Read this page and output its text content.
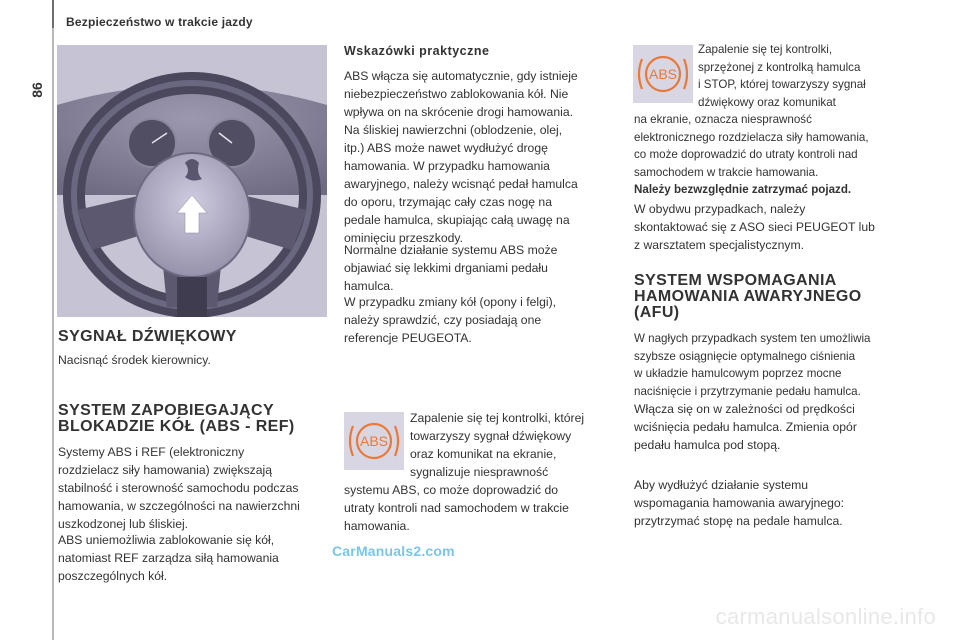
86
Bezpieczeństwo w trakcie jazdy
SYGNAŁ DŹWIĘKOWY
Nacisnąć środek kierownicy.
SYSTEM ZAPOBIEGAJĄCY
BLOKADZIE KÓŁ (ABS - REF)
Systemy ABS i REF (elektroniczny
rozdzielacz siły hamowania) zwiększają
stabilność i sterowność samochodu podczas
hamowania, w szczególności na nawierzchni
uszkodzonej lub śliskiej.
ABS uniemożliwia zablokowanie się kół,
natomiast REF zarządza siłą hamowania
poszczególnych kół.
Wskazówki praktyczne
ABS włącza się automatycznie, gdy istnieje
niebezpieczeństwo zablokowania kół. Nie
wpływa on na skrócenie drogi hamowania.
Na śliskiej nawierzchni (oblodzenie, olej,
itp.) ABS może nawet wydłużyć drogę
hamowania. W przypadku hamowania
awaryjnego, należy wcisnąć pedał hamulca
do oporu, trzymając cały czas nogę na
pedale hamulca, skupiając całą uwagę na
ominięciu przeszkody.
Normalne działanie systemu ABS może
objawiać się lekkimi drganiami pedału
hamulca.
W przypadku zmiany kół (opony i felgi),
należy sprawdzić, czy posiadają one
referencje PEUGEOTA.
ABS
Zapalenie się tej kontrolki, której
towarzyszy sygnał dźwiękowy
oraz komunikat na ekranie,
sygnalizuje niesprawność
systemu ABS, co może doprowadzić do
utraty kontroli nad samochodem w trakcie
hamowania.
CarManuals2.com
ABS
Zapalenie się tej kontrolki,
sprzężonej z kontrolką hamulca
i STOP, której towarzyszy sygnał
dźwiękowy oraz komunikat
na ekranie, oznacza niesprawność
elektronicznego rozdzielacza siły hamowania,
co może doprowadzić do utraty kontroli nad
samochodem w trakcie hamowania.
Należy bezwzględnie zatrzymać pojazd.
W obydwu przypadkach, należy
skontaktować się z ASO sieci PEUGEOT lub
z warsztatem specjalistycznym.
SYSTEM WSPOMAGANIA
HAMOWANIA AWARYJNEGO
(AFU)
W nagłych przypadkach system ten umożliwia
szybsze osiągnięcie optymalnego ciśnienia
w układzie hamulcowym poprzez mocne
naciśnięcie i przytrzymanie pedału hamulca.
Włącza się on w zależności od prędkości
wciśnięcia pedału hamulca. Zmienia opór
pedału hamulca pod stopą.
Aby wydłużyć działanie systemu
wspomagania hamowania awaryjnego:
przytrzymać stopę na pedale hamulca.
carmanualsonline.info
